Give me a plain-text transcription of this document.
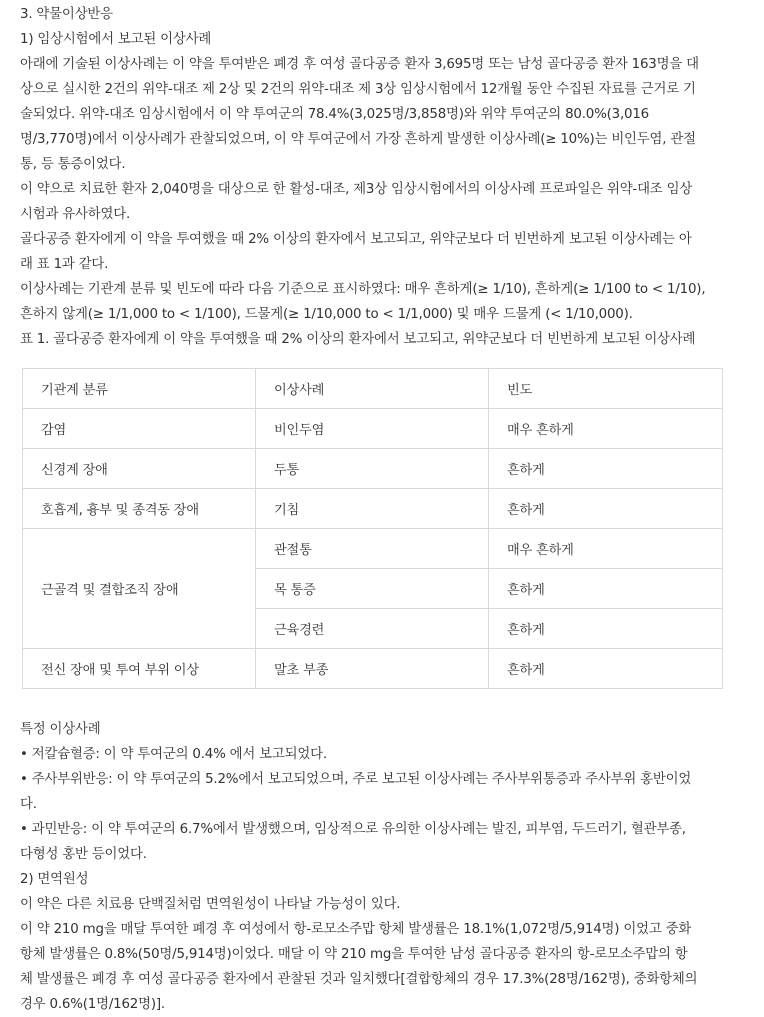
3. 약물이상반응
1) 임상시험에서 보고된 이상사례
아래에 기술된 이상사례는 이 약을 투여받은 폐경 후 여성 골다공증 환자 3,695명 또는 남성 골다공증 환자 163명을 대
상으로 실시한 2건의 위약-대조 제 2상 및 2건의 위약-대조 제 3상 임상시험에서 12개월 동안 수집된 자료를 근거로 기
술되었다. 위약-대조 임상시험에서 이 약 투여군의 78.4%(3,025명/3,858명)와 위약 투여군의 80.0%(3,016
명/3,770명)에서 이상사례가 관찰되었으며, 이 약 투여군에서 가장 흔하게 발생한 이상사례(≥ 10%)는 비인두염, 관절
통, 등 통증이었다.
이 약으로 치료한 환자 2,040명을 대상으로 한 활성-대조, 제3상 임상시험에서의 이상사례 프로파일은 위약-대조 임상
시험과 유사하였다.
골다공증 환자에게 이 약을 투여했을 때 2% 이상의 환자에서 보고되고, 위약군보다 더 빈번하게 보고된 이상사례는 아
래 표 1과 같다.
이상사례는 기관계 분류 및 빈도에 따라 다음 기준으로 표시하였다: 매우 흔하게(≥ 1/10), 흔하게(≥ 1/100 to < 1/10),
흔하지 않게(≥ 1/1,000 to < 1/100), 드물게(≥ 1/10,000 to < 1/1,000) 및 매우 드물게 (< 1/10,000).
표 1. 골다공증 환자에게 이 약을 투여했을 때 2% 이상의 환자에서 보고되고, 위약군보다 더 빈번하게 보고된 이상사례
기관계 분류	이상사례	빈도
감염	비인두염	매우 흔하게
신경계 장애	두통	흔하게
호흡계, 흉부 및 종격동 장애	기침	흔하게
근골격 및 결합조직 장애	관절통	매우 흔하게
	목 통증	흔하게
	근육경련	흔하게
전신 장애 및 투여 부위 이상	말초 부종	흔하게
특정 이상사례
• 저칼슘혈증: 이 약 투여군의 0.4% 에서 보고되었다.
• 주사부위반응: 이 약 투여군의 5.2%에서 보고되었으며, 주로 보고된 이상사례는 주사부위통증과 주사부위 홍반이었
다.
• 과민반응: 이 약 투여군의 6.7%에서 발생했으며, 임상적으로 유의한 이상사례는 발진, 피부염, 두드러기, 혈관부종,
다형성 홍반 등이었다.
2) 면역원성
이 약은 다른 치료용 단백질처럼 면역원성이 나타날 가능성이 있다.
이 약 210 mg을 매달 투여한 폐경 후 여성에서 항-로모소주맙 항체 발생률은 18.1%(1,072명/5,914명) 이었고 중화
항체 발생률은 0.8%(50명/5,914명)이었다. 매달 이 약 210 mg을 투여한 남성 골다공증 환자의 항-로모소주맙의 항
체 발생률은 폐경 후 여성 골다공증 환자에서 관찰된 것과 일치했다[결합항체의 경우 17.3%(28명/162명), 중화항체의
경우 0.6%(1명/162명)].
